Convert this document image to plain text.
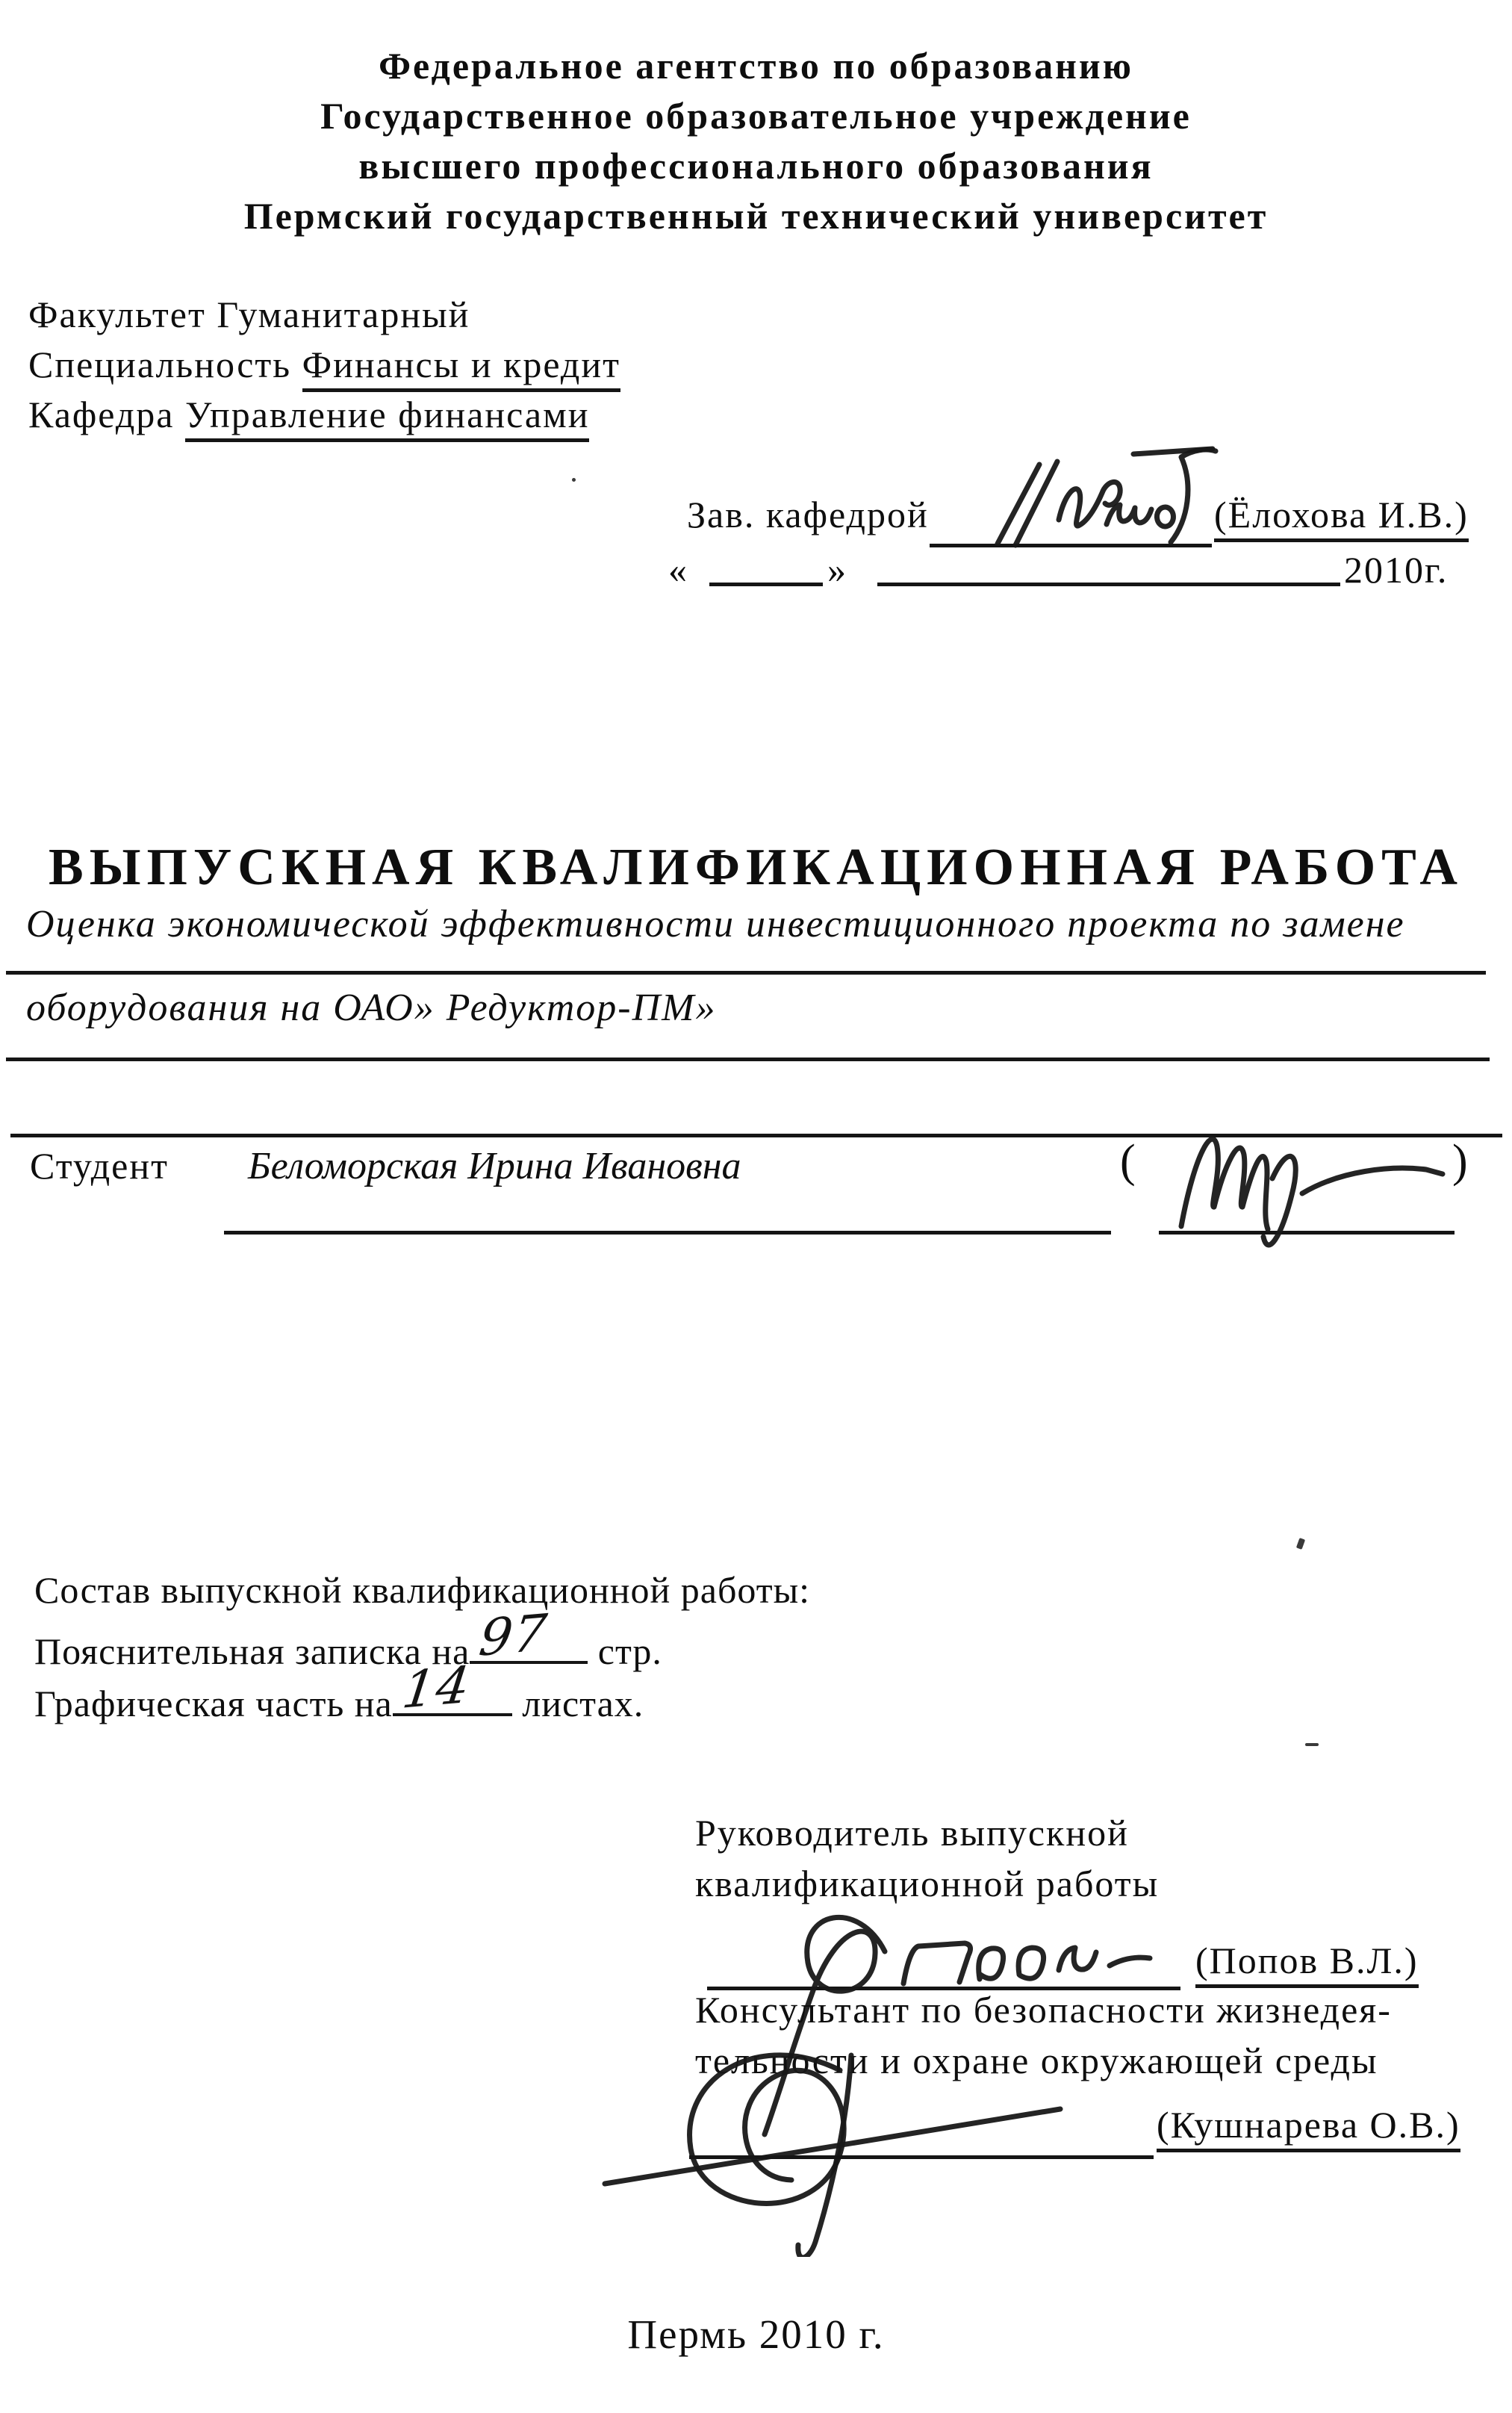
Федеральное агентство по образованию
Государственное образовательное учреждение
высшего профессионального образования
Пермский государственный технический университет
Факультет Гуманитарный
Специальность Финансы и кредит
Кафедра Управление финансами
Зав. кафедрой	(Ёлохова И.В.)
«	»	2010г.
ВЫПУСКНАЯ КВАЛИФИКАЦИОННАЯ РАБОТА
Оценка экономической эффективности инвестиционного проекта по замене
оборудования на ОАО» Редуктор-ПМ»
Студент Беломорская Ирина Ивановна	(	)
Состав выпускной квалификационной работы:
Пояснительная записка на 97 стр.
Графическая часть на 14 листах.
Руководитель выпускной
квалификационной работы
(Попов В.Л.)
Консультант по безопасности жизнедея-
тельности и охране окружающей среды
(Кушнарева О.В.)
Пермь 2010 г.
